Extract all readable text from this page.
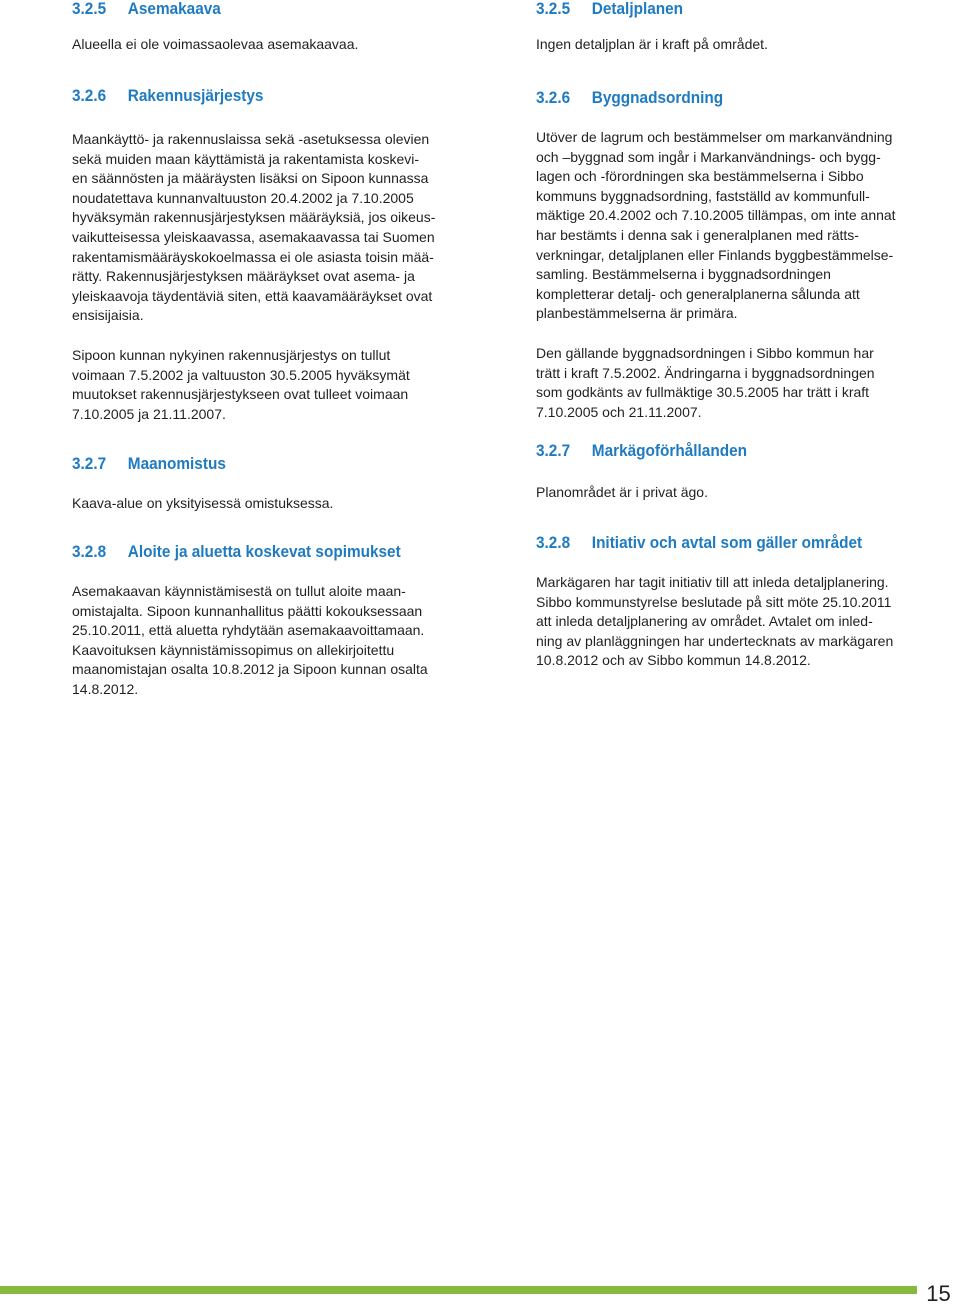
3.2.5	Asemakaava

Alueella ei ole voimassaolevaa asemakaavaa.

3.2.6	Rakennusjärjestys

Maankäyttö- ja rakennuslaissa sekä -asetuksessa olevien
sekä muiden maan käyttämistä ja rakentamista koskevi-
en säännösten ja määräysten lisäksi on Sipoon kunnassa
noudatettava kunnanvaltuuston 20.4.2002 ja 7.10.2005
hyväksymän rakennusjärjestyksen määräyksiä, jos oikeus-
vaikutteisessa yleiskaavassa, asemakaavassa tai Suomen
rakentamismääräyskokoelmassa ei ole asiasta toisin mää-
rätty. Rakennusjärjestyksen määräykset ovat asema- ja
yleiskaavoja täydentäviä siten, että kaavamääräykset ovat
ensisijaisia.

Sipoon kunnan nykyinen rakennusjärjestys on tullut
voimaan 7.5.2002 ja valtuuston 30.5.2005 hyväksymät
muutokset rakennusjärjestykseen ovat tulleet voimaan
7.10.2005 ja 21.11.2007.

3.2.7	Maanomistus

Kaava-alue on yksityisessä omistuksessa.

3.2.8	Aloite ja aluetta koskevat sopimukset

Asemakaavan käynnistämisestä on tullut aloite maan-
omistajalta. Sipoon kunnanhallitus päätti kokouksessaan
25.10.2011, että aluetta ryhdytään asemakaavoittamaan.
Kaavoituksen käynnistämissopimus on allekirjoitettu
maanomistajan osalta 10.8.2012 ja Sipoon kunnan osalta
14.8.2012.

3.2.5	Detaljplanen

Ingen detaljplan är i kraft på området.

3.2.6	Byggnadsordning

Utöver de lagrum och bestämmelser om markanvändning
och –byggnad som ingår i Markanvändnings- och bygg-
lagen och -förordningen ska bestämmelserna i Sibbo
kommuns byggnadsordning, fastställd av kommunfull-
mäktige 20.4.2002 och 7.10.2005 tillämpas, om inte annat
har bestämts i denna sak i generalplanen med rätts-
verkningar, detaljplanen eller Finlands byggbestämmelse-
samling. Bestämmelserna i byggnadsordningen
kompletterar detalj- och generalplanerna sålunda att
planbestämmelserna är primära.

Den gällande byggnadsordningen i Sibbo kommun har
trätt i kraft 7.5.2002. Ändringarna i byggnadsordningen
som godkänts av fullmäktige 30.5.2005 har trätt i kraft
7.10.2005 och 21.11.2007.

3.2.7	Markägoförhållanden

Planområdet är i privat ägo.

3.2.8	Initiativ och avtal som gäller området

Markägaren har tagit initiativ till att inleda detaljplanering.
Sibbo kommunstyrelse beslutade på sitt möte 25.10.2011
att inleda detaljplanering av området. Avtalet om inled-
ning av planläggningen har undertecknats av markägaren
10.8.2012 och av Sibbo kommun 14.8.2012.

15
